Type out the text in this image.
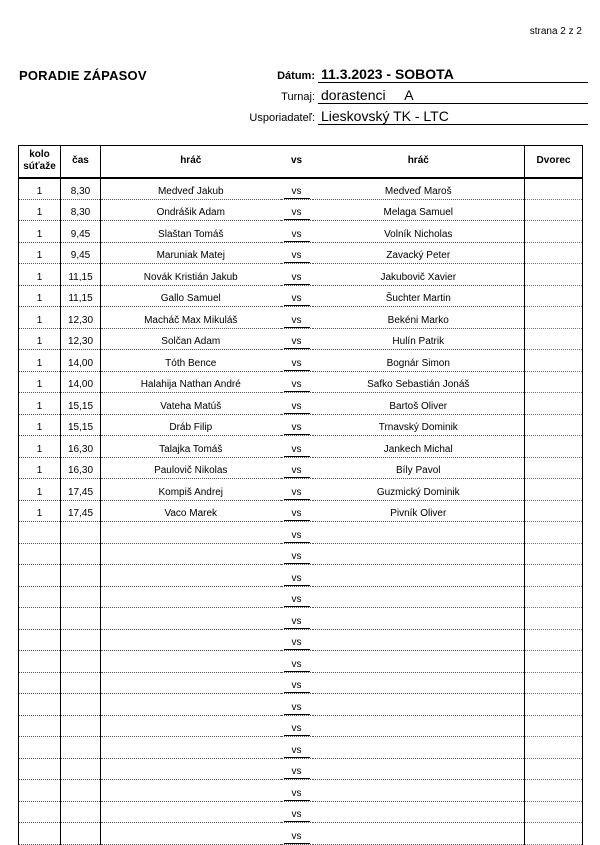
strana 2 z 2
PORADIE ZÁPASOV	Dátum: 11.3.2023 - SOBOTA
Turnaj: dorastenci     A
Usporiadateľ: Lieskovský TK - LTC
kolo
súťaže	čas	hráč	vs	hráč	Dvorec
1	8,30	Medveď Jakub	vs	Medveď Maroš	
1	8,30	Ondrášik Adam	vs	Melaga Samuel	
1	9,45	Slaštan Tomáš	vs	Volník Nicholas	
1	9,45	Maruniak Matej	vs	Zavacký Peter	
1	11,15	Novák Kristián Jakub	vs	Jakubovič Xavier	
1	11,15	Gallo Samuel	vs	Šuchter Martin	
1	12,30	Macháč Max Mikuláš	vs	Bekéni Marko	
1	12,30	Solčan Adam	vs	Hulín Patrik	
1	14,00	Tóth Bence	vs	Bognár Simon	
1	14,00	Halahija Nathan André	vs	Safko Sebastián Jonáš	
1	15,15	Vateha Matúš	vs	Bartoš Oliver	
1	15,15	Dráb Filip	vs	Trnavský Dominik	
1	16,30	Talajka Tomáš	vs	Jankech Michal	
1	16,30	Paulovič Nikolas	vs	Bíly Pavol	
1	17,45	Kompiš Andrej	vs	Guzmický Dominik	
1	17,45	Vaco Marek	vs	Pivník Oliver	
			vs

			vs

			vs

			vs

			vs

			vs

			vs

			vs

			vs

			vs

			vs

			vs

			vs

			vs

			vs
